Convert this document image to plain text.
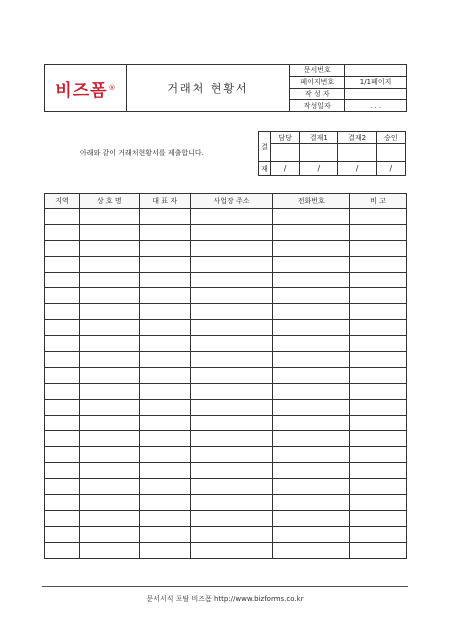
비즈폼 ®	거래처 현황서	문서번호	
		페이지번호	1/1페이지
		작 성 자	
		작성일자	. . .
아래와 같이 거래처현황서를 제출합니다.
결	담당	결재1	결재2	승인

재	/	/	/	/
지역	상 호 명	대 표 자	사업장 주소	전화번호	비 고

문서서식 포탈 비즈폼 http://www.bizforms.co.kr
